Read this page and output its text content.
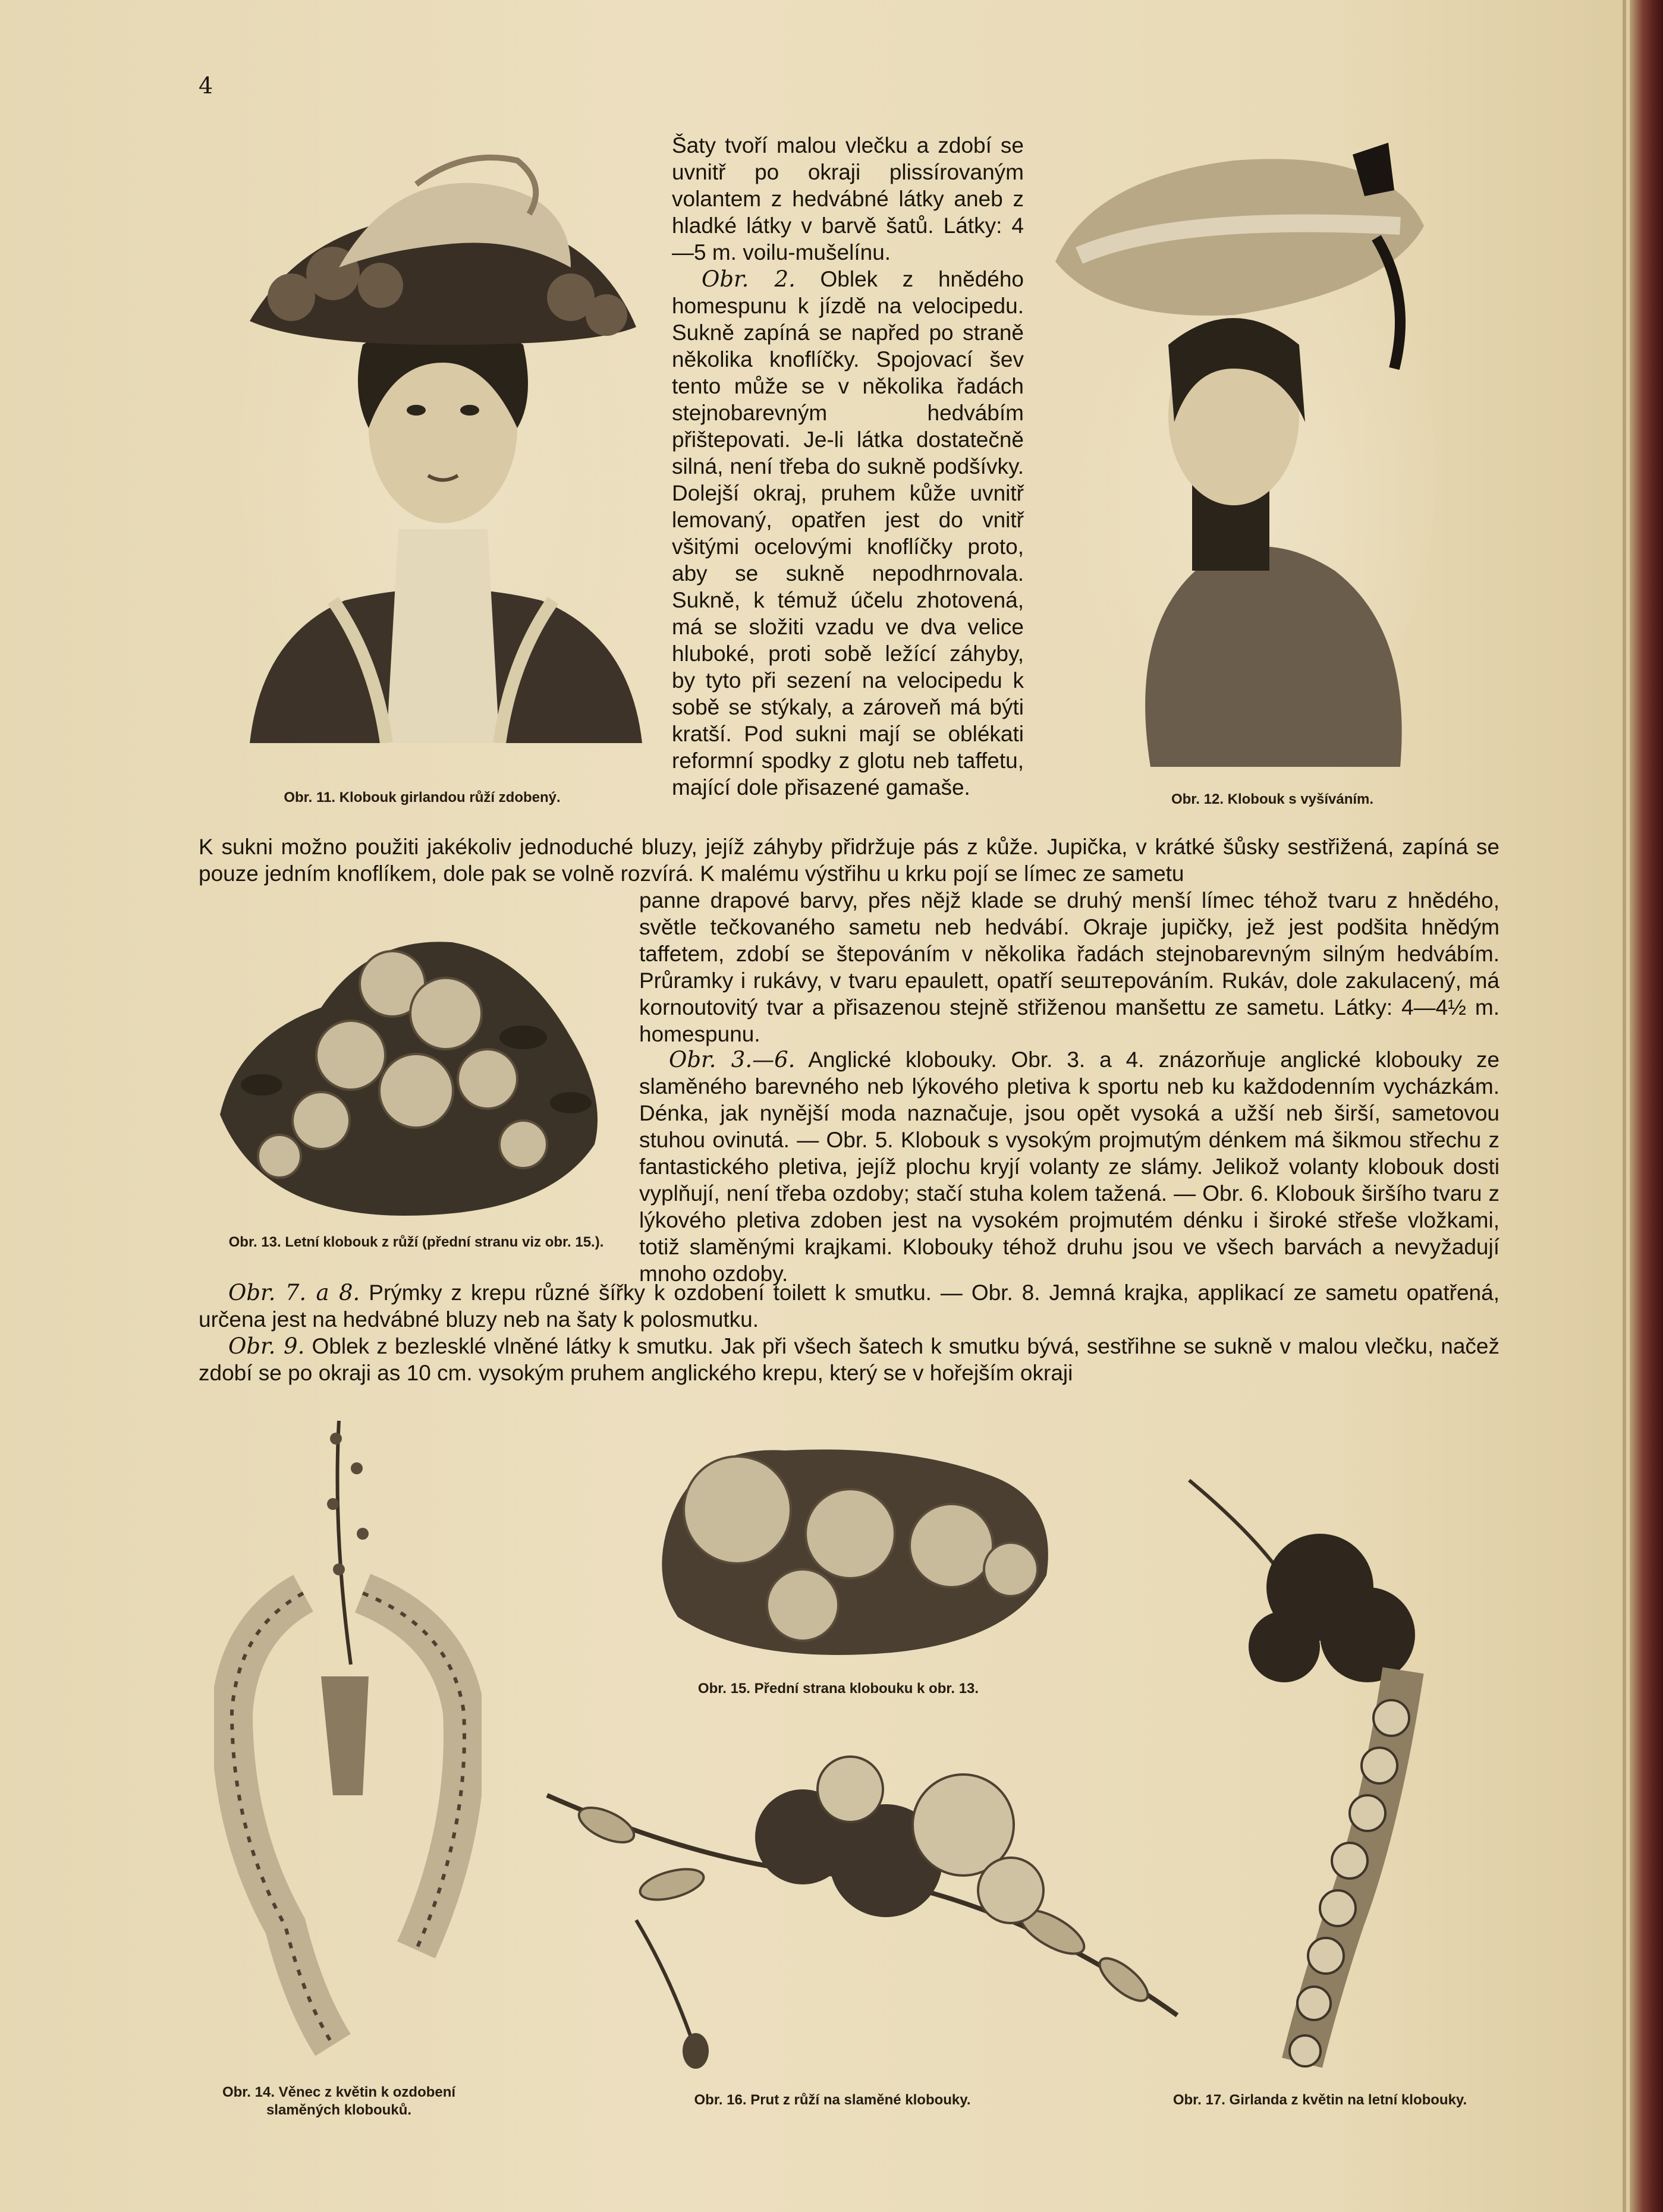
4
Obr. 11. Klobouk girlandou růží zdobený.

Šaty tvoří malou vlečku a zdobí se uvnitř po okraji plissírovaným volantem z hedvábné látky aneb z hladké látky v barvě šatů. Látky: 4—5 m. voilu-mušelínu.

Obr. 2. Oblek z hnědého homespunu k jízdě na velocipedu. Sukně zapíná se napřed po straně několika knoflíčky. Spojovací šev tento může se v několika řadách stejnobarevným hedvábím přištepovati. Je-li látka dostatečně silná, není třeba do sukně podšívky. Dolejší okraj, pruhem kůže uvnitř lemovaný, opatřen jest do vnitř všitými ocelovými knoflíčky proto, aby se sukně nepodhrnovala. Sukně, k témuž účelu zhotovená, má se složiti vzadu ve dva velice hluboké, proti sobě ležící záhyby, by tyto při sezení na velocipedu k sobě se stýkaly, a zároveň má býti kratší. Pod sukni mají se oblékati reformní spodky z glotu neb taffetu, mající dole přisazené gamaše.	Obr. 12. Klobouk s vyšíváním.
K sukni možno použiti jakékoliv jednoduché bluzy, jejíž záhyby přidržuje pás z kůže. Jupička, v krátké šůsky sestřižená, zapíná se pouze jedním knoflíkem, dole pak se volně rozvírá. K malému výstřihu u krku pojí se límec ze sametu
Obr. 13. Letní klobouk z růží (přední stranu viz obr. 15.).
panne drapové barvy, přes nějž klade se druhý menší límec téhož tvaru z hnědého, světle tečkovaného sametu neb hedvábí. Okraje jupičky, jež jest podšita hnědým taffetem, zdobí se štepováním v několika řadách stejnobarevným silným hedvábím. Průramky i rukávy, v tvaru epaulett, opatří sештepováním. Rukáv, dole zakulacený, má kornoutovitý tvar a přisazenou stejně střiženou manšettu ze sametu. Látky: 4—4½ m. homespunu.
Obr. 3.—6. Anglické klobouky. Obr. 3. a 4. znázorňuje anglické klobouky ze slaměného barevného neb lýkového pletiva k sportu neb ku každodenním vycházkám. Dénka, jak nynější moda naznačuje, jsou opět vysoká a užší neb širší, sametovou stuhou ovinutá. — Obr. 5. Klobouk s vysokým projmutým dénkem má šikmou střechu z fantastického pletiva, jejíž plochu kryjí volanty ze slámy. Jelikož volanty klobouk dosti vyplňují, není třeba ozdoby; stačí stuha kolem tažená. — Obr. 6. Klobouk širšího tvaru z lýkového pletiva zdoben jest na vysokém projmutém dénku i široké střeše vložkami, totiž slaměnými krajkami. Klobouky téhož druhu jsou ve všech barvách a nevyžadují mnoho ozdoby.
Obr. 7. a 8. Prýmky z krepu různé šířky k ozdobení toilett k smutku. — Obr. 8. Jemná krajka, applikací ze sametu opatřená, určena jest na hedvábné bluzy neb na šaty k polosmutku.
Obr. 9. Oblek z bezlesklé vlněné látky k smutku. Jak při všech šatech k smutku bývá, sestřihne se sukně v malou vlečku, načež zdobí se po okraji as 10 cm. vysokým pruhem anglického krepu, který se v hořejším okraji
Obr. 14. Věnec z květin k ozdobení slaměných klobouků.
Obr. 15. Přední strana klobouku k obr. 13.
Obr. 16. Prut z růží na slaměné klobouky.	Obr. 17. Girlanda z květin na letní klobouky.
